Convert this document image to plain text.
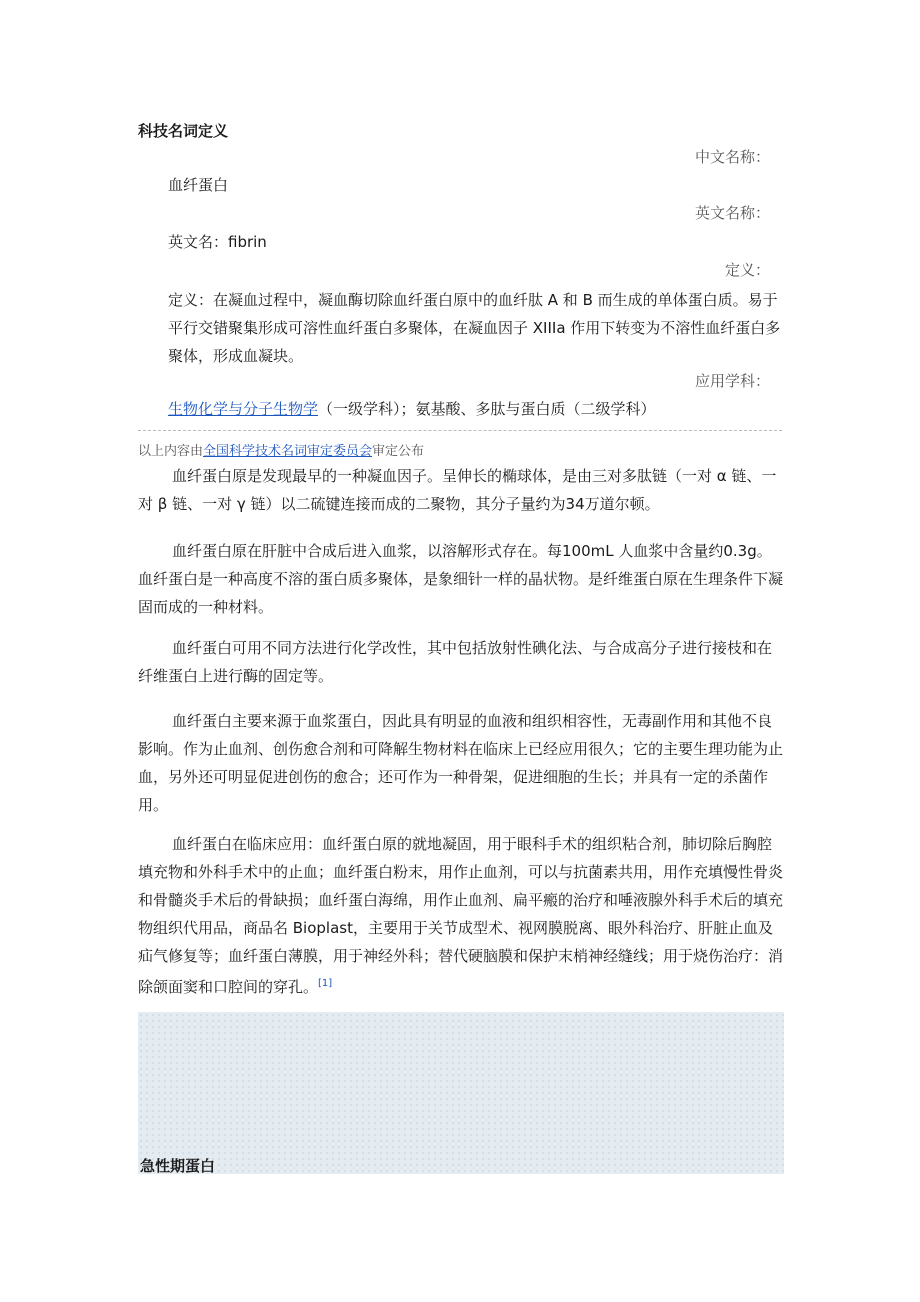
科技名词定义
中文名称：
血纤蛋白
英文名称：
英文名：fibrin
定义：
定义：在凝血过程中，凝血酶切除血纤蛋白原中的血纤肽 A 和 B 而生成的单体蛋白质。易于平行交错聚集形成可溶性血纤蛋白多聚体，在凝血因子 XIIIa 作用下转变为不溶性血纤蛋白多聚体，形成血凝块。
应用学科：
生物化学与分子生物学（一级学科）；氨基酸、多肽与蛋白质（二级学科）
以上内容由全国科学技术名词审定委员会审定公布

血纤蛋白原是发现最早的一种凝血因子。呈伸长的椭球体，是由三对多肽链（一对 α 链、一对 β 链、一对 γ 链）以二硫键连接而成的二聚物，其分子量约为34万道尔顿。

血纤蛋白原在肝脏中合成后进入血浆，以溶解形式存在。每100mL 人血浆中含量约0.3g。血纤蛋白是一种高度不溶的蛋白质多聚体，是象细针一样的晶状物。是纤维蛋白原在生理条件下凝固而成的一种材料。

血纤蛋白可用不同方法进行化学改性，其中包括放射性碘化法、与合成高分子进行接枝和在纤维蛋白上进行酶的固定等。

血纤蛋白主要来源于血浆蛋白，因此具有明显的血液和组织相容性，无毒副作用和其他不良影响。作为止血剂、创伤愈合剂和可降解生物材料在临床上已经应用很久；它的主要生理功能为止血，另外还可明显促进创伤的愈合；还可作为一种骨架，促进细胞的生长；并具有一定的杀菌作用。

血纤蛋白在临床应用：血纤蛋白原的就地凝固，用于眼科手术的组织粘合剂，肺切除后胸腔填充物和外科手术中的止血；血纤蛋白粉末，用作止血剂，可以与抗菌素共用，用作充填慢性骨炎和骨髓炎手术后的骨缺损；血纤蛋白海绵，用作止血剂、扁平瘢的治疗和唾液腺外科手术后的填充物组织代用品，商品名 Bioplast，主要用于关节成型术、视网膜脱离、眼外科治疗、肝脏止血及疝气修复等；血纤蛋白薄膜，用于神经外科；替代硬脑膜和保护末梢神经缝线；用于烧伤治疗：消除颌面窦和口腔间的穿孔。[1]

急性期蛋白
